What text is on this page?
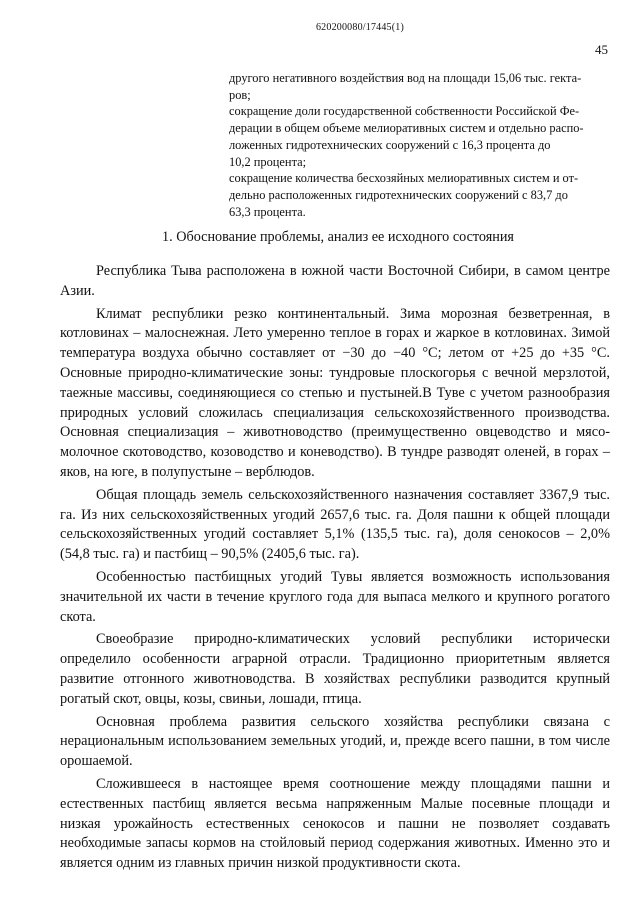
620200080/17445(1)
45

другого негативного воздействия вод на площади 15,06 тыс. гекта-

ров;

сокращение доли государственной собственности Российской Фе-

дерации в общем объеме мелиоративных систем и отдельно распо-

ложенных гидротехнических сооружений с 16,3 процента до

10,2 процента;

сокращение количества бесхозяйных мелиоративных систем и от-

дельно расположенных гидротехнических сооружений с 83,7 до

63,3 процента.

1. Обоснование проблемы, анализ ее исходного состояния

Республика Тыва расположена в южной части Восточной Сибири, в самом центре Азии.

Климат республики резко континентальный. Зима морозная безветренная, в котловинах – малоснежная. Лето умеренно теплое в горах и жаркое в котловинах. Зимой температура воздуха обычно составляет от −30 до −40 °С; летом от +25 до +35 °С. Основные природно-климатические зоны: тундровые плоскогорья с вечной мерзлотой, таежные массивы, соединяющиеся со степью и пустыней.В Туве с учетом разнообразия природных условий сложилась специализация сельскохозяйственного производства. Основная специализация – животноводство (преимущественно овцеводство и мясо-молочное скотоводство, козоводство и коневодство). В тундре разводят оленей, в горах – яков, на юге, в полупустыне – верблюдов.

Общая площадь земель сельскохозяйственного назначения составляет 3367,9 тыс. га. Из них сельскохозяйственных угодий 2657,6 тыс. га. Доля пашни к общей площади сельскохозяйственных угодий составляет 5,1% (135,5 тыс. га), доля сенокосов – 2,0% (54,8 тыс. га) и пастбищ – 90,5% (2405,6 тыс. га).

Особенностью пастбищных угодий Тувы является возможность использования значительной их части в течение круглого года для выпаса мелкого и крупного рогатого скота.

Своеобразие природно-климатических условий республики исторически определило особенности аграрной отрасли. Традиционно приоритетным является развитие отгонного животноводства. В хозяйствах республики разводится крупный рогатый скот, овцы, козы, свиньи, лошади, птица.

Основная проблема развития сельского хозяйства республики связана с нерациональным использованием земельных угодий, и, прежде всего пашни, в том числе орошаемой.

Сложившееся в настоящее время соотношение между площадями пашни и естественных пастбищ является весьма напряженным Малые посевные площади и низкая урожайность естественных сенокосов и пашни не позволяет создавать необходимые запасы кормов на стойловый период содержания животных. Именно это и является одним из главных причин низкой продуктивности скота.
